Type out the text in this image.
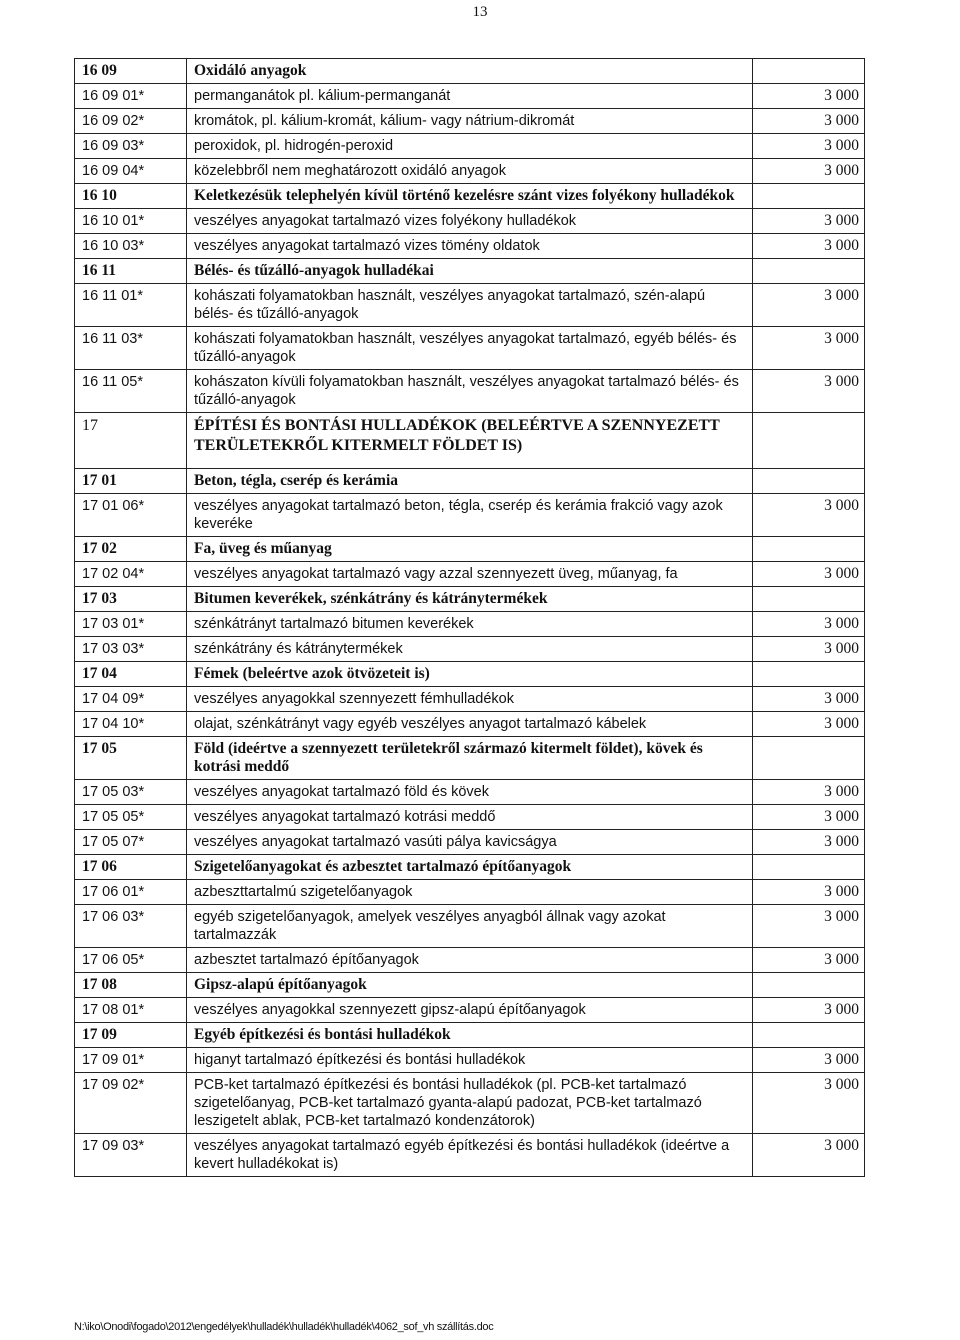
13
16 09	Oxidáló anyagok	
16 09 01*	permanganátok pl. kálium-permanganát	3 000
16 09 02*	kromátok, pl. kálium-kromát, kálium- vagy nátrium-dikromát	3 000
16 09 03*	peroxidok, pl. hidrogén-peroxid	3 000
16 09 04*	közelebbről nem meghatározott oxidáló anyagok	3 000
16 10	Keletkezésük telephelyén kívül történő kezelésre szánt vizes folyékony hulladékok	
16 10 01*	veszélyes anyagokat tartalmazó vizes folyékony hulladékok	3 000
16 10 03*	veszélyes anyagokat tartalmazó vizes tömény oldatok	3 000
16 11	Bélés- és tűzálló-anyagok hulladékai	
16 11 01*	kohászati folyamatokban használt, veszélyes anyagokat tartalmazó, szén-alapú bélés- és tűzálló-anyagok	3 000
16 11 03*	kohászati folyamatokban használt, veszélyes anyagokat tartalmazó, egyéb bélés- és tűzálló-anyagok	3 000
16 11 05*	kohászaton kívüli folyamatokban használt, veszélyes anyagokat tartalmazó bélés- és tűzálló-anyagok	3 000
17	ÉPÍTÉSI ÉS BONTÁSI HULLADÉKOK (BELEÉRTVE A SZENNYEZETT TERÜLETEKRŐL KITERMELT FÖLDET IS)	
17 01	Beton, tégla, cserép és kerámia	
17 01 06*	veszélyes anyagokat tartalmazó beton, tégla, cserép és kerámia frakció vagy azok keveréke	3 000
17 02	Fa, üveg és műanyag	
17 02 04*	veszélyes anyagokat tartalmazó vagy azzal szennyezett üveg, műanyag, fa	3 000
17 03	Bitumen keverékek, szénkátrány és kátránytermékek	
17 03 01*	szénkátrányt tartalmazó bitumen keverékek	3 000
17 03 03*	szénkátrány és kátránytermékek	3 000
17 04	Fémek (beleértve azok ötvözeteit is)	
17 04 09*	veszélyes anyagokkal szennyezett fémhulladékok	3 000
17 04 10*	olajat, szénkátrányt vagy egyéb veszélyes anyagot tartalmazó kábelek	3 000
17 05	Föld (ideértve a szennyezett területekről származó kitermelt földet), kövek és kotrási meddő	
17 05 03*	veszélyes anyagokat tartalmazó föld és kövek	3 000
17 05 05*	veszélyes anyagokat tartalmazó kotrási meddő	3 000
17 05 07*	veszélyes anyagokat tartalmazó vasúti pálya kavicságya	3 000
17 06	Szigetelőanyagokat és azbesztet tartalmazó építőanyagok	
17 06 01*	azbeszttartalmú szigetelőanyagok	3 000
17 06 03*	egyéb szigetelőanyagok, amelyek veszélyes anyagból állnak vagy azokat tartalmazzák	3 000
17 06 05*	azbesztet tartalmazó építőanyagok	3 000
17 08	Gipsz-alapú építőanyagok	
17 08 01*	veszélyes anyagokkal szennyezett gipsz-alapú építőanyagok	3 000
17 09	Egyéb építkezési és bontási hulladékok	
17 09 01*	higanyt tartalmazó építkezési és bontási hulladékok	3 000
17 09 02*	PCB-ket tartalmazó építkezési és bontási hulladékok (pl. PCB-ket tartalmazó szigetelőanyag, PCB-ket tartalmazó gyanta-alapú padozat, PCB-ket tartalmazó leszigetelt ablak, PCB-ket tartalmazó kondenzátorok)	3 000
17 09 03*	veszélyes anyagokat tartalmazó egyéb építkezési és bontási hulladékok (ideértve a kevert hulladékokat is)	3 000
N:\iko\Onodi\fogado\2012\engedélyek\hulladék\hulladék\hulladék\4062_sof_vh szállítás.doc
